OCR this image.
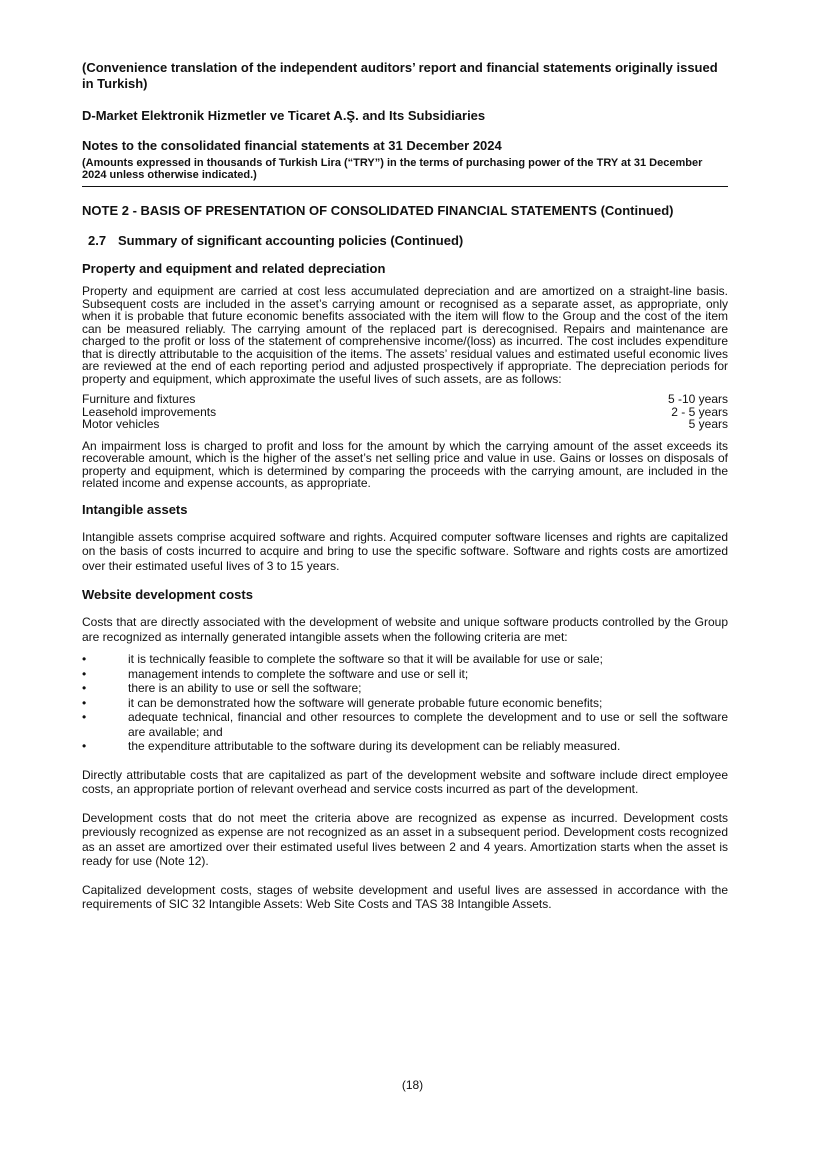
(Convenience translation of the independent auditors’ report and financial statements originally issued in Turkish)
D-Market Elektronik Hizmetler ve Ticaret A.Ş. and Its Subsidiaries
Notes to the consolidated financial statements at 31 December 2024
(Amounts expressed in thousands of Turkish Lira (“TRY”) in the terms of purchasing power of the TRY at 31 December 2024 unless otherwise indicated.)
NOTE 2 - BASIS OF PRESENTATION OF CONSOLIDATED FINANCIAL STATEMENTS (Continued)
2.7 Summary of significant accounting policies (Continued)
Property and equipment and related depreciation
Property and equipment are carried at cost less accumulated depreciation and are amortized on a straight-line basis. Subsequent costs are included in the asset’s carrying amount or recognised as a separate asset, as appropriate, only when it is probable that future economic benefits associated with the item will flow to the Group and the cost of the item can be measured reliably. The carrying amount of the replaced part is derecognised. Repairs and maintenance are charged to the profit or loss of the statement of comprehensive income/(loss) as incurred. The cost includes expenditure that is directly attributable to the acquisition of the items. The assets’ residual values and estimated useful economic lives are reviewed at the end of each reporting period and adjusted prospectively if appropriate. The depreciation periods for property and equipment, which approximate the useful lives of such assets, are as follows:
Furniture and fixtures	5 -10 years
Leasehold improvements	2 - 5 years
Motor vehicles	5 years
An impairment loss is charged to profit and loss for the amount by which the carrying amount of the asset exceeds its recoverable amount, which is the higher of the asset’s net selling price and value in use. Gains or losses on disposals of property and equipment, which is determined by comparing the proceeds with the carrying amount, are included in the related income and expense accounts, as appropriate.
Intangible assets
Intangible assets comprise acquired software and rights. Acquired computer software licenses and rights are capitalized on the basis of costs incurred to acquire and bring to use the specific software. Software and rights costs are amortized over their estimated useful lives of 3 to 15 years.
Website development costs
Costs that are directly associated with the development of website and unique software products controlled by the Group are recognized as internally generated intangible assets when the following criteria are met:
•	it is technically feasible to complete the software so that it will be available for use or sale;
•	management intends to complete the software and use or sell it;
•	there is an ability to use or sell the software;
•	it can be demonstrated how the software will generate probable future economic benefits;
•	adequate technical, financial and other resources to complete the development and to use or sell the software are available; and
•	the expenditure attributable to the software during its development can be reliably measured.
Directly attributable costs that are capitalized as part of the development website and software include direct employee costs, an appropriate portion of relevant overhead and service costs incurred as part of the development.
Development costs that do not meet the criteria above are recognized as expense as incurred. Development costs previously recognized as expense are not recognized as an asset in a subsequent period. Development costs recognized as an asset are amortized over their estimated useful lives between 2 and 4 years. Amortization starts when the asset is ready for use (Note 12).
Capitalized development costs, stages of website development and useful lives are assessed in accordance with the requirements of SIC 32 Intangible Assets: Web Site Costs and TAS 38 Intangible Assets.
(18)
